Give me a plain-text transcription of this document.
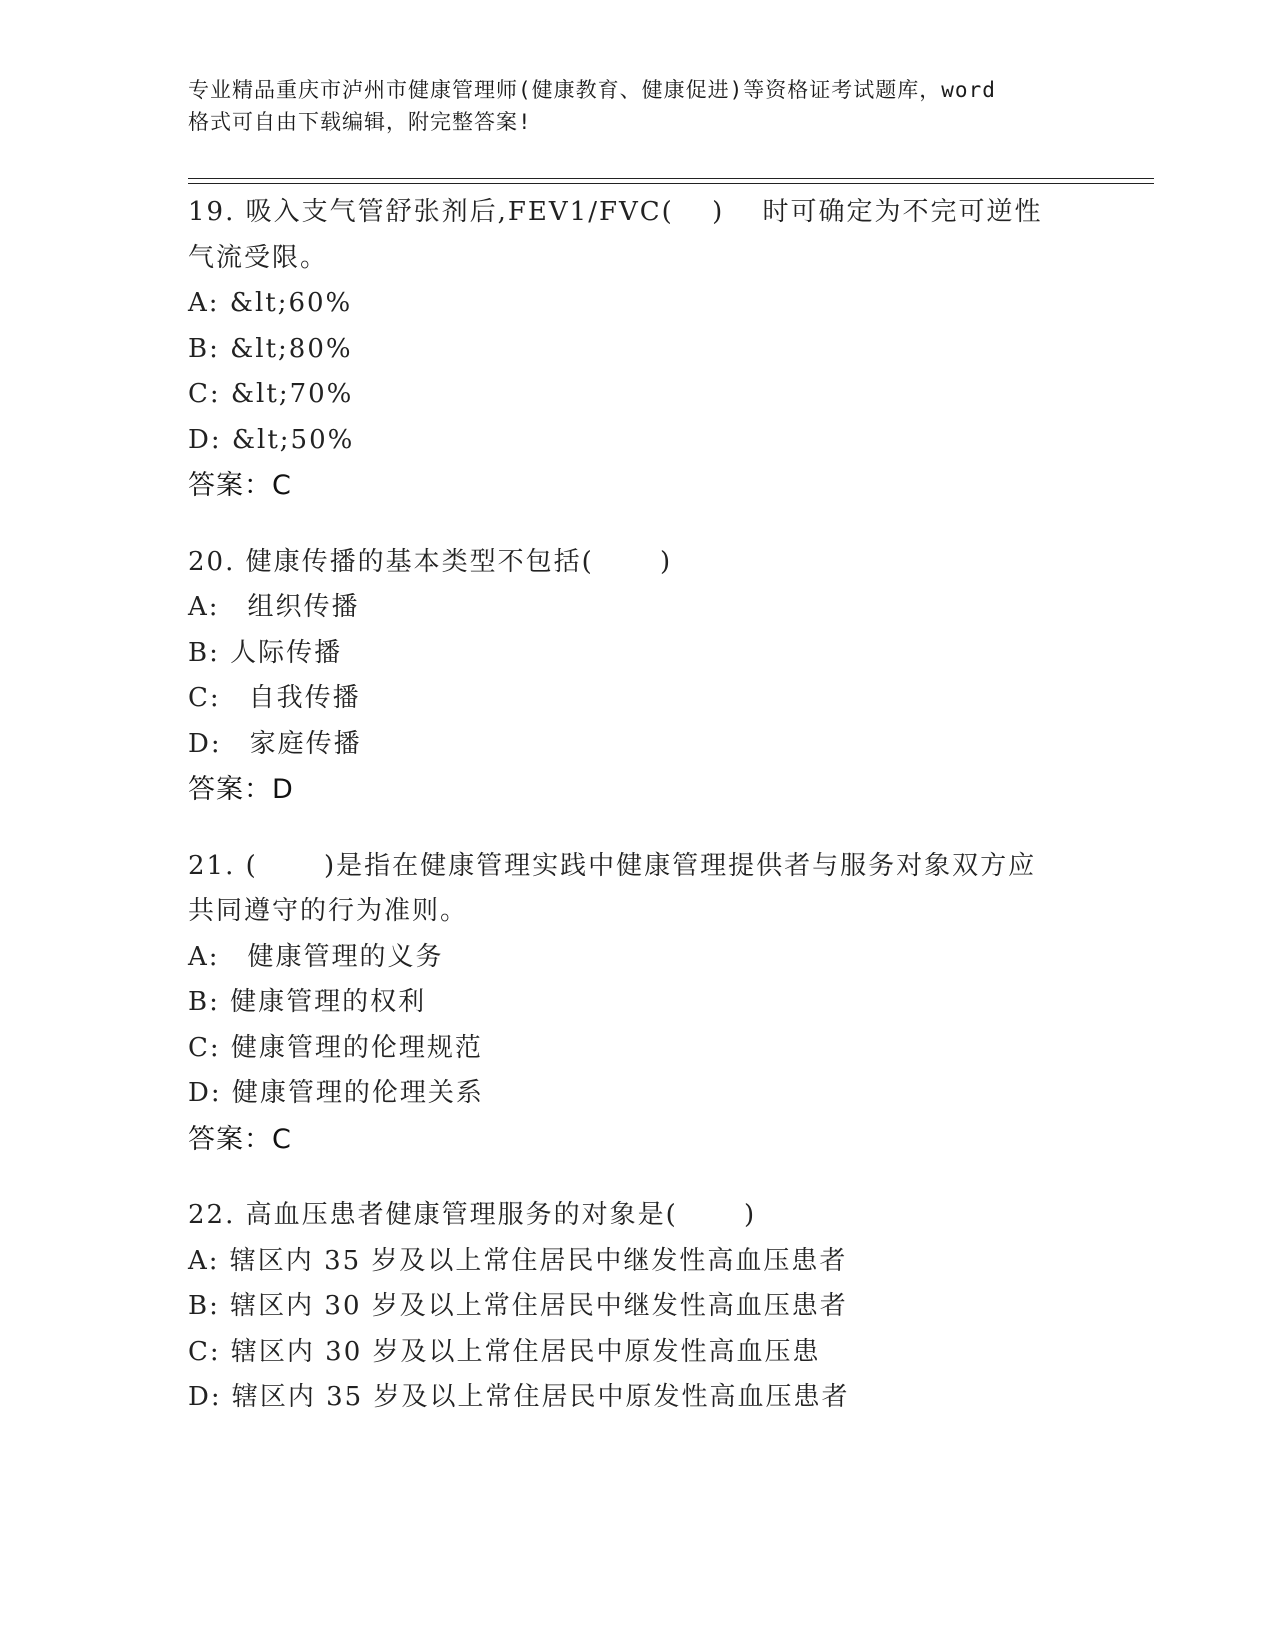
专业精品重庆市泸州市健康管理师(健康教育、健康促进)等资格证考试题库，word
格式可自由下载编辑，附完整答案!
19. 吸入支气管舒张剂后,FEV1/FVC(　 ) 　时可确定为不完可逆性
气流受限。
A: &lt;60%
B: &lt;80%
C: &lt;70%
D: &lt;50%
答案：C
20. 健康传播的基本类型不包括(　 　)
A:　组织传播
B: 人际传播
C:　自我传播
D:　家庭传播
答案：D
21. (　 　)是指在健康管理实践中健康管理提供者与服务对象双方应
共同遵守的行为准则。
A:　健康管理的义务
B: 健康管理的权利
C: 健康管理的伦理规范
D: 健康管理的伦理关系
答案：C
22. 高血压患者健康管理服务的对象是(　 　)
A: 辖区内 35 岁及以上常住居民中继发性高血压患者
B: 辖区内 30 岁及以上常住居民中继发性高血压患者
C: 辖区内 30 岁及以上常住居民中原发性高血压患
D: 辖区内 35 岁及以上常住居民中原发性高血压患者
